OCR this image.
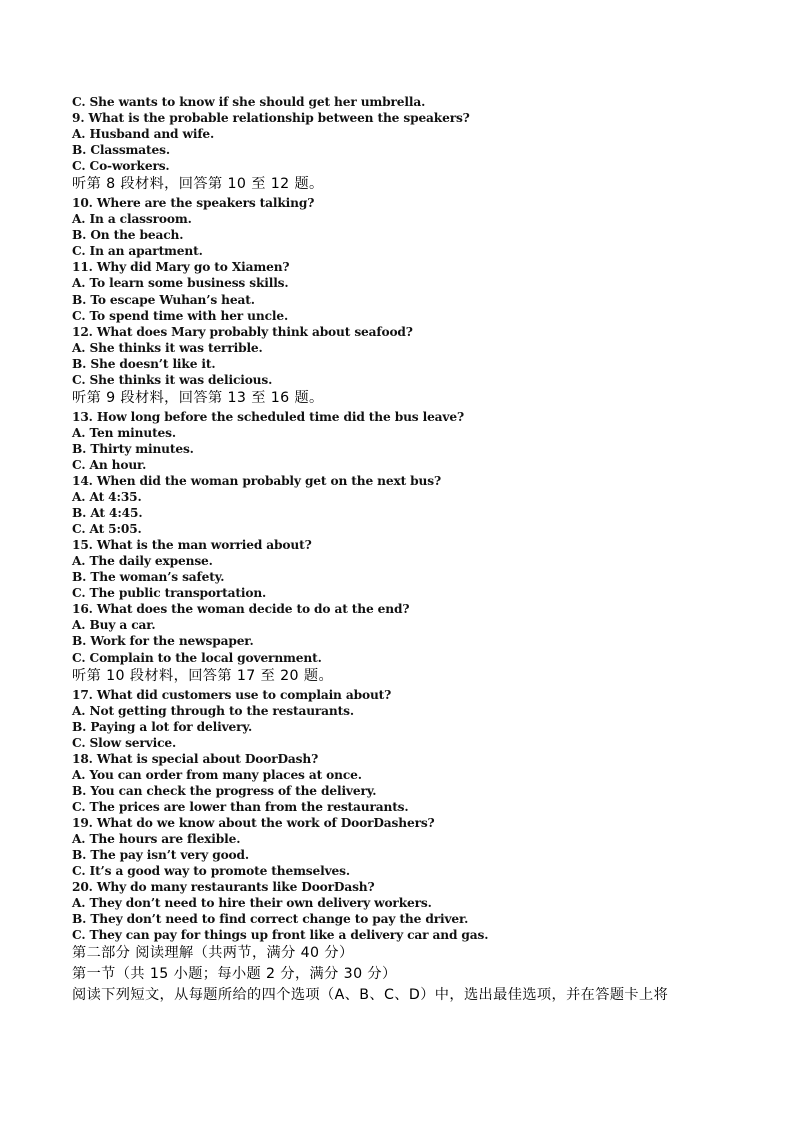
C. She wants to know if she should get her umbrella.
9. What is the probable relationship between the speakers?
A. Husband and wife.
B. Classmates.
C. Co-workers.
听第 8 段材料，回答第 10 至 12 题。
10. Where are the speakers talking?
A. In a classroom.
B. On the beach.
C. In an apartment.
11. Why did Mary go to Xiamen?
A. To learn some business skills.
B. To escape Wuhan’s heat.
C. To spend time with her uncle.
12. What does Mary probably think about seafood?
A. She thinks it was terrible.
B. She doesn’t like it.
C. She thinks it was delicious.
听第 9 段材料，回答第 13 至 16 题。
13. How long before the scheduled time did the bus leave?
A. Ten minutes.
B. Thirty minutes.
C. An hour.
14. When did the woman probably get on the next bus?
A. At 4:35.
B. At 4:45.
C. At 5:05.
15. What is the man worried about?
A. The daily expense.
B. The woman’s safety.
C. The public transportation.
16. What does the woman decide to do at the end?
A. Buy a car.
B. Work for the newspaper.
C. Complain to the local government.
听第 10 段材料，回答第 17 至 20 题。
17. What did customers use to complain about?
A. Not getting through to the restaurants.
B. Paying a lot for delivery.
C. Slow service.
18. What is special about DoorDash?
A. You can order from many places at once.
B. You can check the progress of the delivery.
C. The prices are lower than from the restaurants.
19. What do we know about the work of DoorDashers?
A. The hours are flexible.
B. The pay isn’t very good.
C. It’s a good way to promote themselves.
20. Why do many restaurants like DoorDash?
A. They don’t need to hire their own delivery workers.
B. They don’t need to find correct change to pay the driver.
C. They can pay for things up front like a delivery car and gas.
第二部分 阅读理解（共两节，满分 40 分）
第一节（共 15 小题；每小题 2 分，满分 30 分）
阅读下列短文，从每题所给的四个选项（A、B、C、D）中，选出最佳选项，并在答题卡上将
